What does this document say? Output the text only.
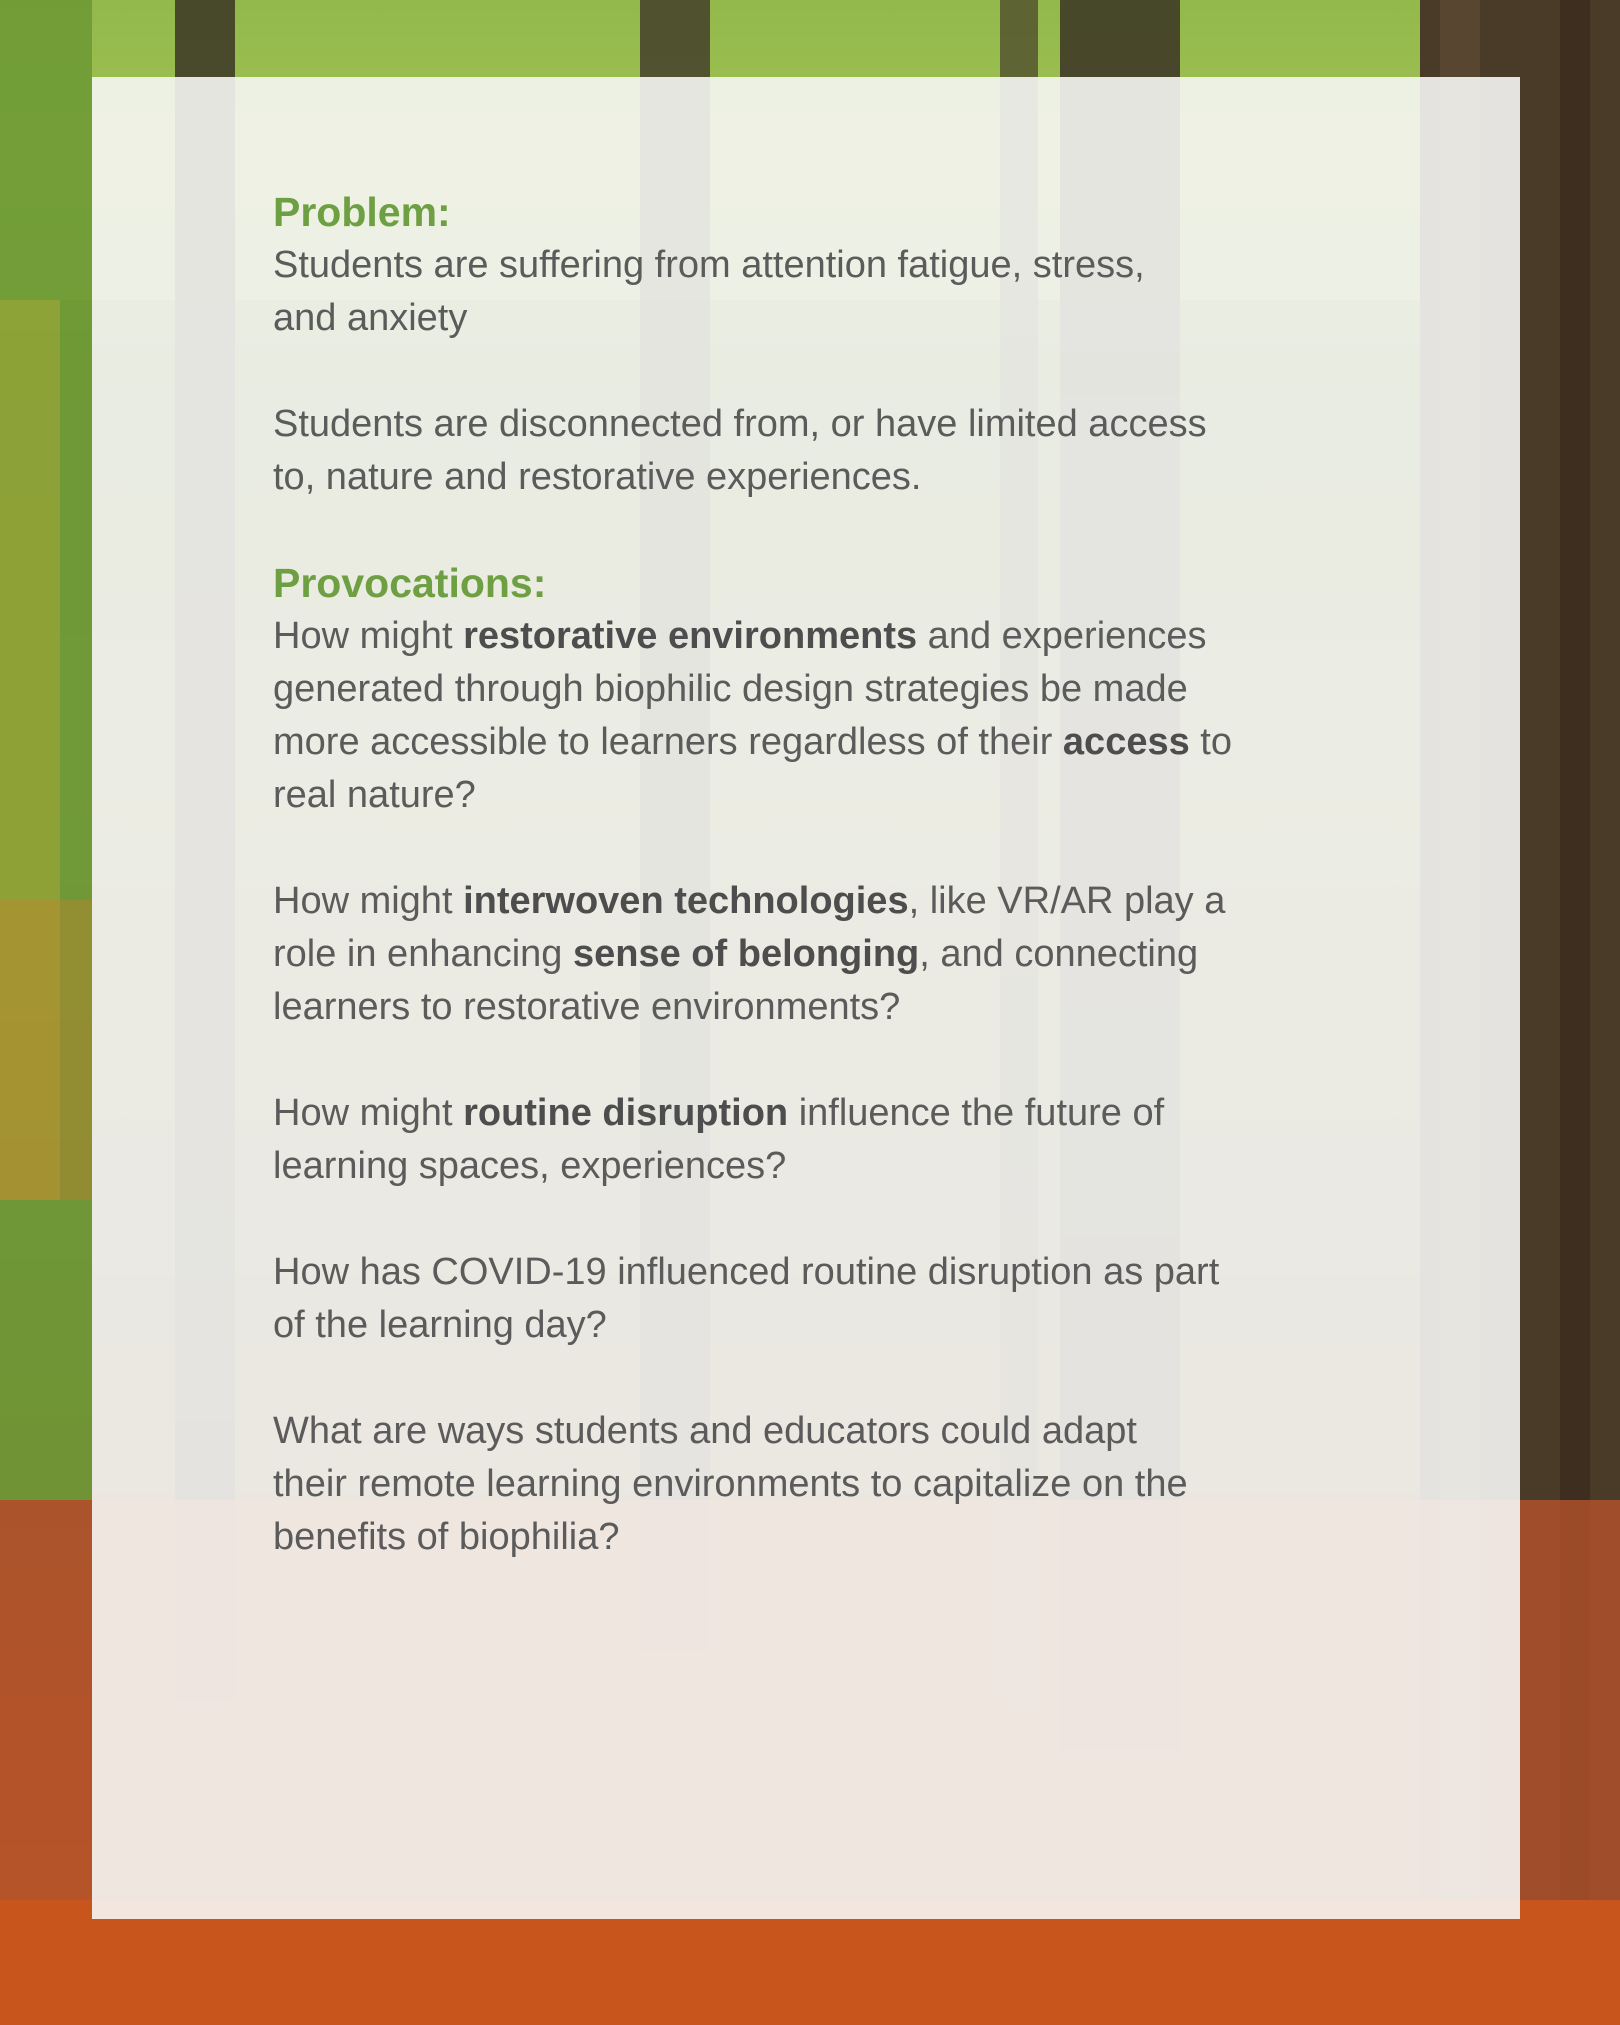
Problem:

Students are suffering from attention fatigue, stress,
and anxiety

Students are disconnected from, or have limited access
to, nature and restorative experiences.

Provocations:

How might restorative environments and experiences
generated through biophilic design strategies be made
more accessible to learners regardless of their access to
real nature?

How might interwoven technologies, like VR/AR play a
role in enhancing sense of belonging, and connecting
learners to restorative environments?

How might routine disruption influence the future of
learning spaces, experiences?

How has COVID-19 influenced routine disruption as part
of the learning day?

What are ways students and educators could adapt
their remote learning environments to capitalize on the
benefits of biophilia?
